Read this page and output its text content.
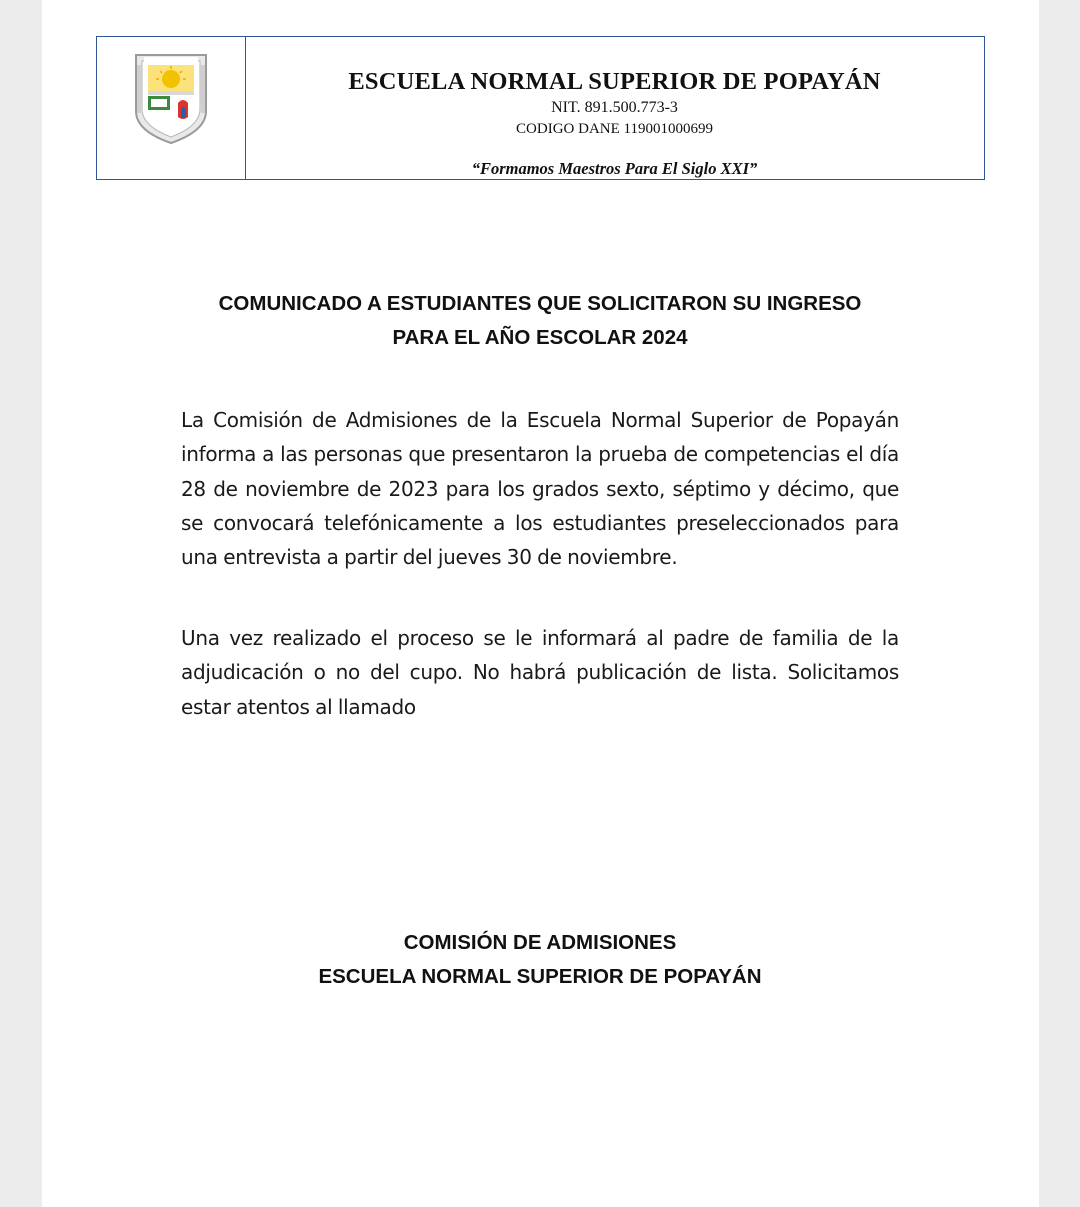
ESCUELA NORMAL SUPERIOR DE POPAYÁN
NIT. 891.500.773-3
CODIGO DANE 119001000699
“Formamos Maestros Para El Siglo XXI”
COMUNICADO A ESTUDIANTES QUE SOLICITARON SU INGRESO
PARA EL AÑO ESCOLAR 2024

La Comisión de Admisiones de la Escuela Normal Superior de Popayán informa a las personas que presentaron la prueba de competencias el día 28 de noviembre de 2023 para los grados sexto, séptimo y décimo, que se convocará telefónicamente a los estudiantes preseleccionados para una entrevista a partir del jueves 30 de noviembre.

Una vez realizado el proceso se le informará al padre de familia de la adjudicación o no del cupo. No habrá publicación de lista. Solicitamos estar atentos al llamado

COMISIÓN DE ADMISIONES
ESCUELA NORMAL SUPERIOR DE POPAYÁN
